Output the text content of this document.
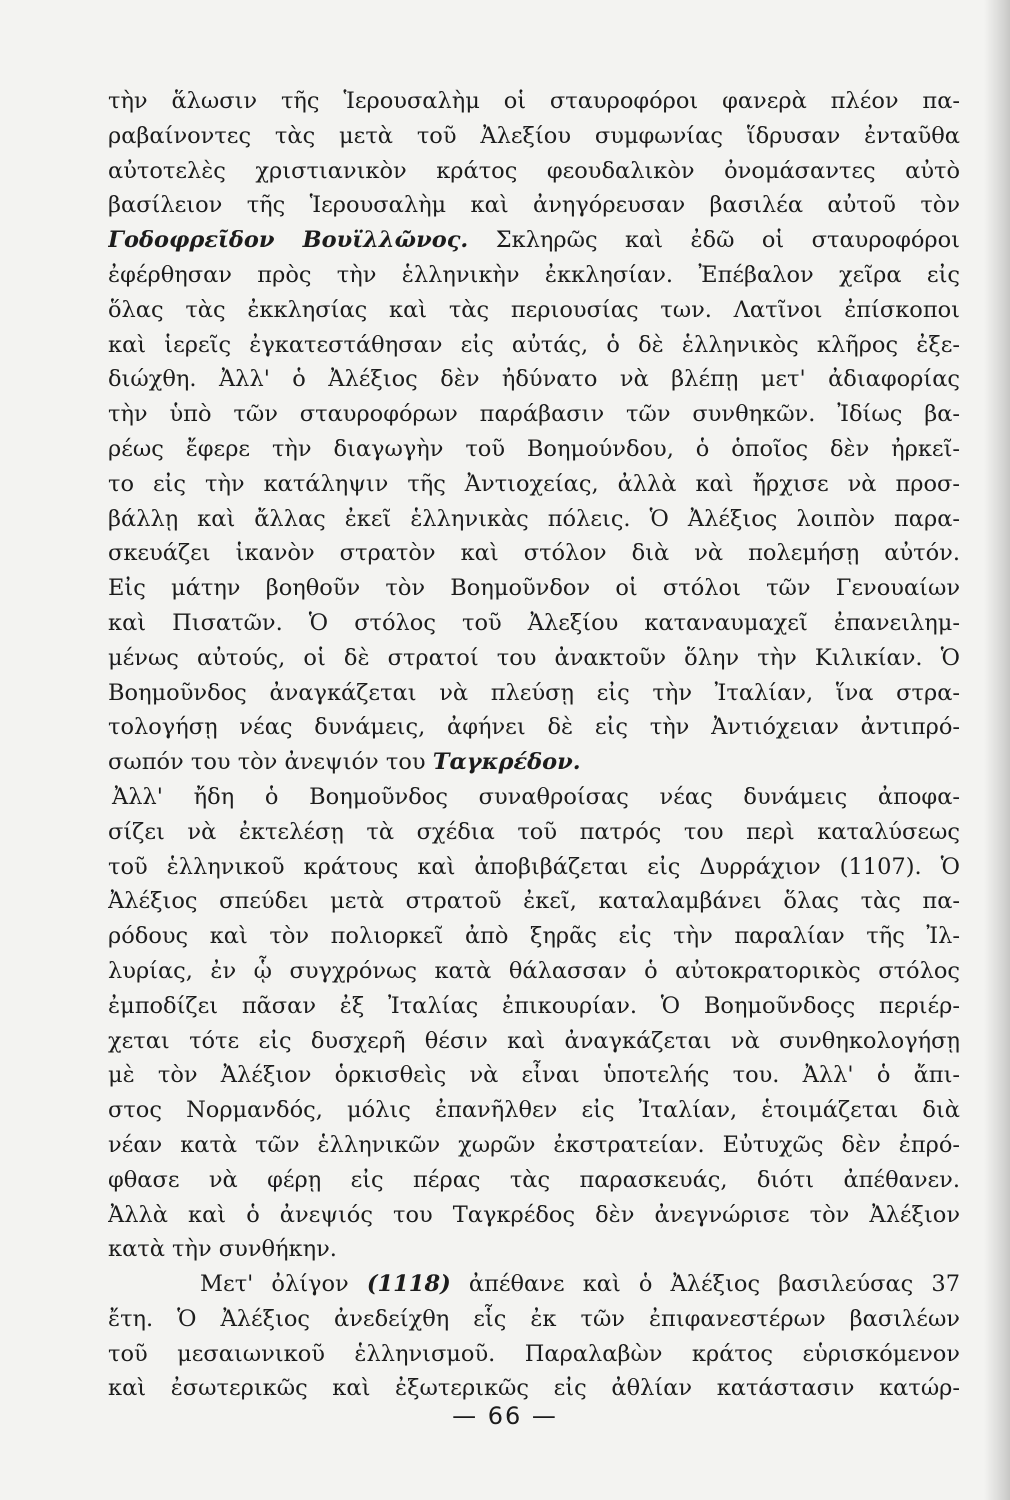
τὴν ἅλωσιν τῆς Ἱερουσαλὴμ οἱ σταυροφόροι φανερὰ πλέον πα-
ραβαίνοντες τὰς μετὰ τοῦ Ἀλεξίου συμφωνίας ἵδρυσαν ἐνταῦθα
αὐτοτελὲς χριστιανικὸν κράτος φεουδαλικὸν ὀνομάσαντες αὐτὸ
βασίλειον τῆς Ἱερουσαλὴμ καὶ ἀνηγόρευσαν βασιλέα αὐτοῦ τὸν
Γοδοφρεῖδον Βουϊλλῶνος. Σκληρῶς καὶ ἐδῶ οἱ σταυροφόροι
ἐφέρθησαν πρὸς τὴν ἑλληνικὴν ἐκκλησίαν. Ἐπέβαλον χεῖρα εἰς
ὅλας τὰς ἐκκλησίας καὶ τὰς περιουσίας των. Λατῖνοι ἐπίσκοποι
καὶ ἱερεῖς ἐγκατεστάθησαν εἰς αὐτάς, ὁ δὲ ἑλληνικὸς κλῆρος ἐξε-
διώχθη. Ἀλλ' ὁ Ἀλέξιος δὲν ἠδύνατο νὰ βλέπῃ μετ' ἀδιαφορίας
τὴν ὑπὸ τῶν σταυροφόρων παράβασιν τῶν συνθηκῶν. Ἰδίως βα-
ρέως ἔφερε τὴν διαγωγὴν τοῦ Βοημούνδου, ὁ ὁποῖος δὲν ἠρκεῖ-
το εἰς τὴν κατάληψιν τῆς Ἀντιοχείας, ἀλλὰ καὶ ἤρχισε νὰ προσ-
βάλλῃ καὶ ἄλλας ἐκεῖ ἑλληνικὰς πόλεις. Ὁ Ἀλέξιος λοιπὸν παρα-
σκευάζει ἱκανὸν στρατὸν καὶ στόλον διὰ νὰ πολεμήσῃ αὐτόν.
Εἰς μάτην βοηθοῦν τὸν Βοημοῦνδον οἱ στόλοι τῶν Γενουαίων
καὶ Πισατῶν. Ὁ στόλος τοῦ Ἀλεξίου καταναυμαχεῖ ἐπανειλημ-
μένως αὐτούς, οἱ δὲ στρατοί του ἀνακτοῦν ὅλην τὴν Κιλικίαν. Ὁ
Βοημοῦνδος ἀναγκάζεται νὰ πλεύσῃ εἰς τὴν Ἰταλίαν, ἵνα στρα-
τολογήσῃ νέας δυνάμεις, ἀφήνει δὲ εἰς τὴν Ἀντιόχειαν ἀντιπρό-
σωπόν του τὸν ἀνεψιόν του Ταγκρέδον.
Ἀλλ' ἤδη ὁ Βοημοῦνδος συναθροίσας νέας δυνάμεις ἀποφα-
σίζει νὰ ἐκτελέσῃ τὰ σχέδια τοῦ πατρός του περὶ καταλύσεως
τοῦ ἑλληνικοῦ κράτους καὶ ἀποβιβάζεται εἰς Δυρράχιον (1107). Ὁ
Ἀλέξιος σπεύδει μετὰ στρατοῦ ἐκεῖ, καταλαμβάνει ὅλας τὰς πα-
ρόδους καὶ τὸν πολιορκεῖ ἀπὸ ξηρᾶς εἰς τὴν παραλίαν τῆς Ἰλ-
λυρίας, ἐν ᾧ συγχρόνως κατὰ θάλασσαν ὁ αὐτοκρατορικὸς στόλος
ἐμποδίζει πᾶσαν ἐξ Ἰταλίας ἐπικουρίαν. Ὁ Βοημοῦνδοςς περιέρ-
χεται τότε εἰς δυσχερῆ θέσιν καὶ ἀναγκάζεται νὰ συνθηκολογήσῃ
μὲ τὸν Ἀλέξιον ὁρκισθεὶς νὰ εἶναι ὑποτελής του. Ἀλλ' ὁ ἄπι-
στος Νορμανδός, μόλις ἐπανῆλθεν εἰς Ἰταλίαν, ἑτοιμάζεται διὰ
νέαν κατὰ τῶν ἑλληνικῶν χωρῶν ἐκστρατείαν. Εὐτυχῶς δὲν ἐπρό-
φθασε νὰ φέρῃ εἰς πέρας τὰς παρασκευάς, διότι ἀπέθανεν.
Ἀλλὰ καὶ ὁ ἀνεψιός του Ταγκρέδος δὲν ἀνεγνώρισε τὸν Ἀλέξιον
κατὰ τὴν συνθήκην.
Μετ' ὀλίγον (1118) ἀπέθανε καὶ ὁ Ἀλέξιος βασιλεύσας 37
ἔτη. Ὁ Ἀλέξιος ἀνεδείχθη εἷς ἐκ τῶν ἐπιφανεστέρων βασιλέων
τοῦ μεσαιωνικοῦ ἑλληνισμοῦ. Παραλαβὼν κράτος εὑρισκόμενον
καὶ ἐσωτερικῶς καὶ ἐξωτερικῶς εἰς ἀθλίαν κατάστασιν κατώρ-
— 66 —
